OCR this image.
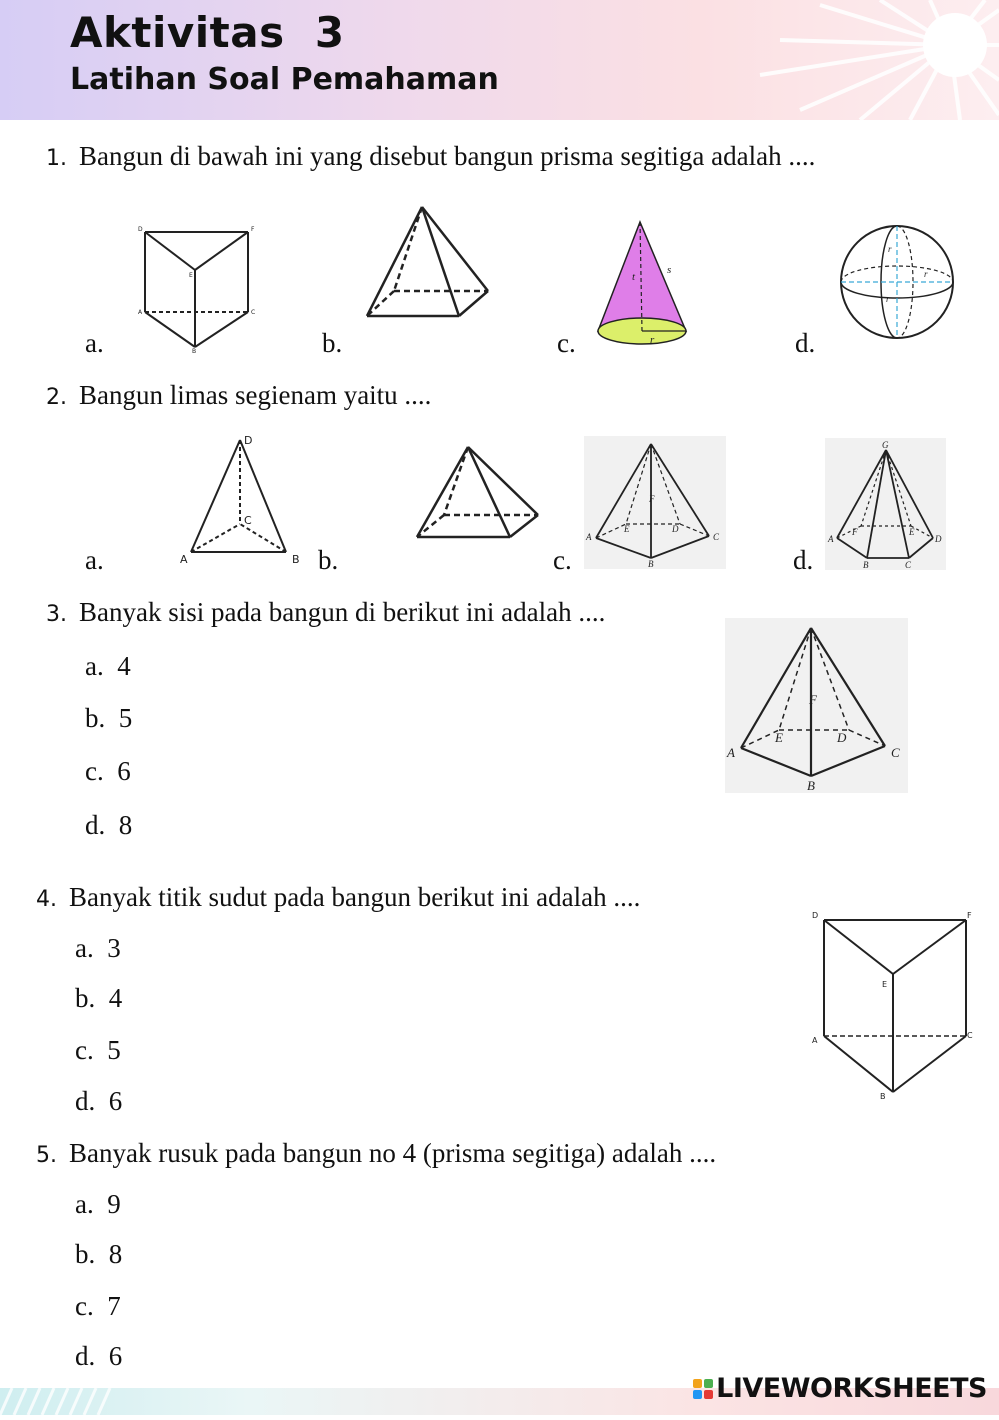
Aktivitas  3
Latihan Soal Pemahaman
1. Bangun di bawah ini yang disebut bangun prisma segitiga adalah ....
a.	b.	c.	d.
D	F
E
A	C
B
t
s
r
r
r
r
2. Bangun limas segienam yaitu ....
a.	b.	c.	d.
D
C
A	B
F
E	D
A	C
B
G
F	E
A	D
B	C
3. Banyak sisi pada bangun di berikut ini adalah ....
a.  4
b.  5
c.  6
d.  8
F
E	D
A	C
B
4. Banyak titik sudut pada bangun berikut ini adalah ....
a.  3
b.  4
c.  5
d.  6
D	F
E
A
C
B
5. Banyak rusuk pada bangun no 4 (prisma segitiga) adalah ....
a.  9
b.  8
c.  7
d.  6
LIVEWORKSHEETS
